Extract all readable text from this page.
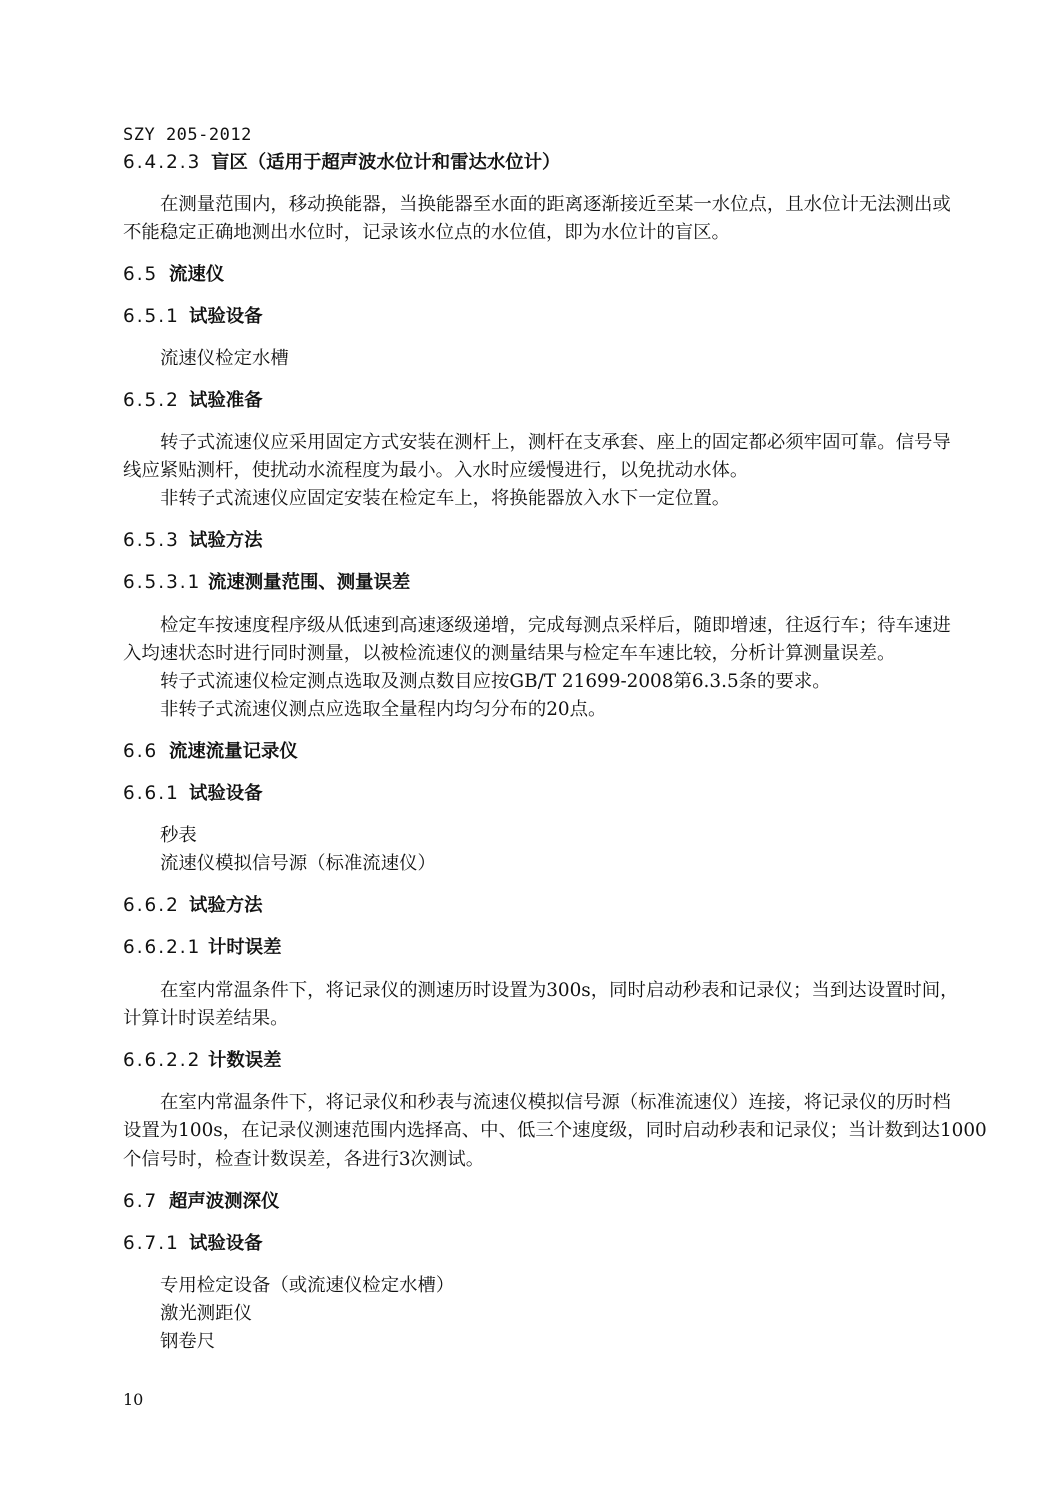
SZY 205-2012
6.4.2.3 盲区（适用于超声波水位计和雷达水位计）
在测量范围内，移动换能器，当换能器至水面的距离逐渐接近至某一水位点，且水位计无法测出或
不能稳定正确地测出水位时，记录该水位点的水位值，即为水位计的盲区。
6.5 流速仪
6.5.1 试验设备
流速仪检定水槽
6.5.2 试验准备
转子式流速仪应采用固定方式安装在测杆上，测杆在支承套、座上的固定都必须牢固可靠。信号导
线应紧贴测杆，使扰动水流程度为最小。入水时应缓慢进行，以免扰动水体。
非转子式流速仪应固定安装在检定车上，将换能器放入水下一定位置。
6.5.3 试验方法
6.5.3.1 流速测量范围、测量误差
检定车按速度程序级从低速到高速逐级递增，完成每测点采样后，随即增速，往返行车；待车速进
入均速状态时进行同时测量，以被检流速仪的测量结果与检定车车速比较，分析计算测量误差。
转子式流速仪检定测点选取及测点数目应按GB/T 21699-2008第6.3.5条的要求。
非转子式流速仪测点应选取全量程内均匀分布的20点。
6.6 流速流量记录仪
6.6.1 试验设备
秒表
流速仪模拟信号源（标准流速仪）
6.6.2 试验方法
6.6.2.1 计时误差
在室内常温条件下，将记录仪的测速历时设置为300s，同时启动秒表和记录仪；当到达设置时间，
计算计时误差结果。
6.6.2.2 计数误差
在室内常温条件下，将记录仪和秒表与流速仪模拟信号源（标准流速仪）连接，将记录仪的历时档
设置为100s，在记录仪测速范围内选择高、中、低三个速度级，同时启动秒表和记录仪；当计数到达1000
个信号时，检查计数误差，各进行3次测试。
6.7 超声波测深仪
6.7.1 试验设备
专用检定设备（或流速仪检定水槽）
激光测距仪
钢卷尺
10
